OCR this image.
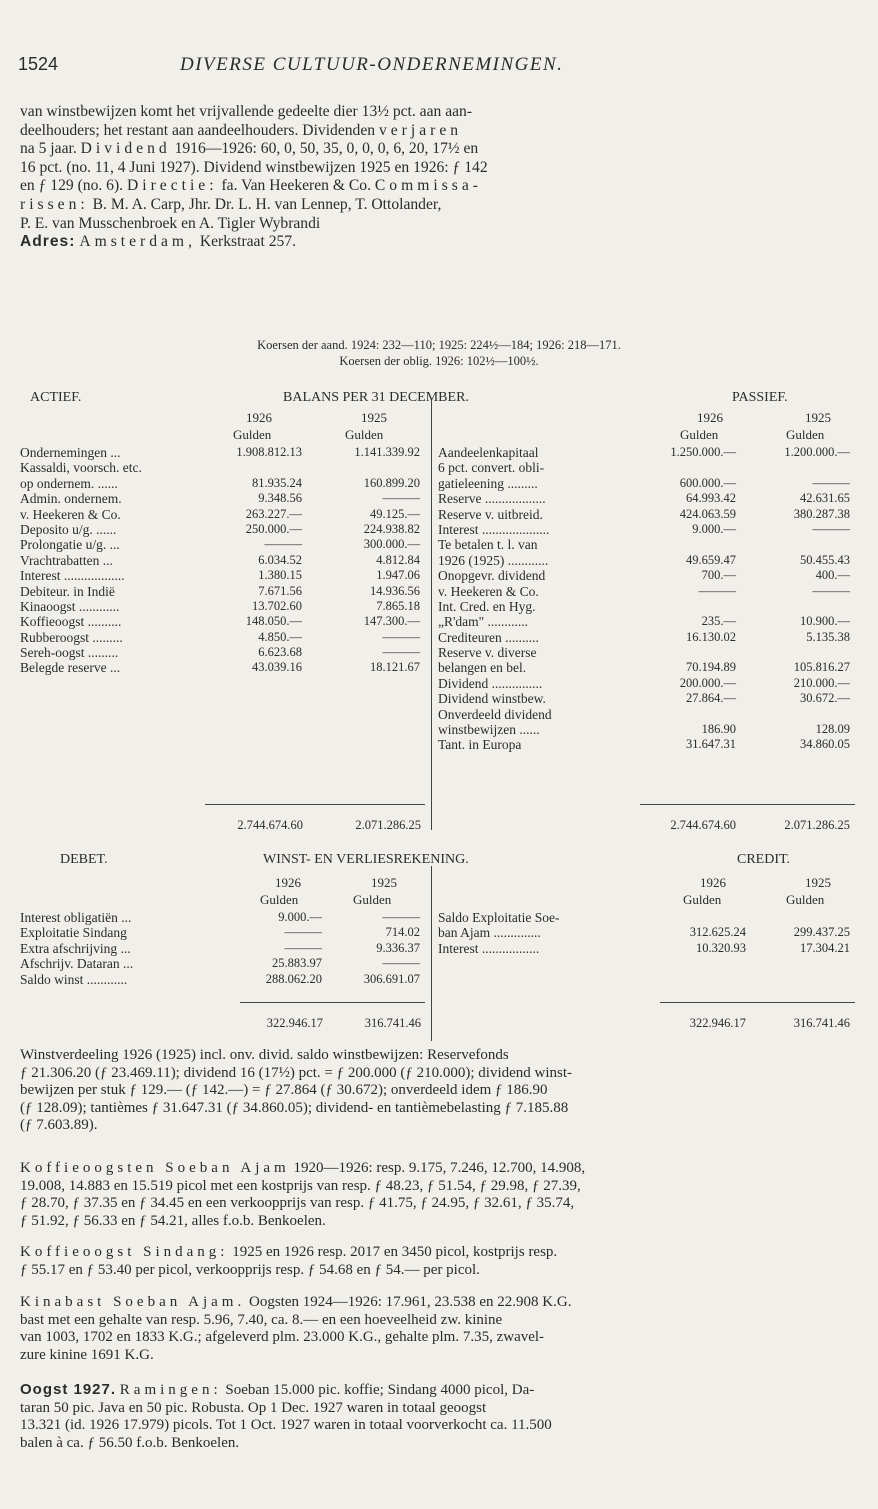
1524	DIVERSE CULTUUR-ONDERNEMINGEN.

van winstbewijzen komt het vrijvallende gedeelte dier 13½ pct. aan aan-

deelhouders; het restant aan aandeelhouders. Dividenden verjaren

na 5 jaar. Dividend 1916—1926: 60, 0, 50, 35, 0, 0, 0, 6, 20, 17½ en

16 pct. (no. 11, 4 Juni 1927). Dividend winstbewijzen 1925 en 1926: ƒ 142

en ƒ 129 (no. 6). Directie: fa. Van Heekeren & Co. Commissa-

rissen: B. M. A. Carp, Jhr. Dr. L. H. van Lennep, T. Ottolander,

P. E. van Musschenbroek en A. Tigler Wybrandi

Adres: Amsterdam, Kerkstraat 257.

Koersen der aand. 1924: 232—110; 1925: 224½—184; 1926: 218—171.
Koersen der oblig. 1926: 102½—100½.
ACTIEF.	BALANS PER 31 DECEMBER.	PASSIEF.
1926	1925
Gulden	Gulden
1926	1925
Gulden	Gulden
Ondernemingen ...	1.908.812.13	1.141.339.92
Kassaldi, voorsch. etc.
op ondernem. ......	81.935.24	160.899.20
Admin. ondernem.	9.348.56	———
v. Heekeren & Co.	263.227.—	49.125.—
Deposito u/g. ......	250.000.—	224.938.82
Prolongatie u/g. ...	———	300.000.—
Vrachtrabatten ...	6.034.52	4.812.84
Interest ..................	1.380.15	1.947.06
Debiteur. in Indië	7.671.56	14.936.56
Kinaoogst ............	13.702.60	7.865.18
Koffieoogst ..........	148.050.—	147.300.—
Rubberoogst .........	4.850.—	———
Sereh-oogst .........	6.623.68	———
Belegde reserve ...	43.039.16	18.121.67
Aandeelenkapitaal	1.250.000.—	1.200.000.—
6 pct. convert. obli-
gatieleening .........	600.000.—	———
Reserve ..................	64.993.42	42.631.65
Reserve v. uitbreid.	424.063.59	380.287.38
Interest ....................	9.000.—	———
Te betalen t. l. van
1926 (1925) ............	49.659.47	50.455.43
Onopgevr. dividend	700.—	400.—
v. Heekeren & Co.	———	———
Int. Cred. en Hyg.
„R'dam" ............	235.—	10.900.—
Crediteuren ..........	16.130.02	5.135.38
Reserve v. diverse
belangen en bel.	70.194.89	105.816.27
Dividend ...............	200.000.—	210.000.—
Dividend winstbew.	27.864.—	30.672.—
Onverdeeld dividend
winstbewijzen ......	186.90	128.09
Tant. in Europa	31.647.31	34.860.05
2.744.674.60	2.071.286.25	2.744.674.60	2.071.286.25
DEBET.	WINST- EN VERLIESREKENING.	CREDIT.
1926	1925
Gulden	Gulden
1926	1925
Gulden	Gulden
Interest obligatiën ...	9.000.—	———
Exploitatie Sindang	———	714.02
Extra afschrijving ...	———	9.336.37
Afschrijv. Dataran ...	25.883.97	———
Saldo winst ............	288.062.20	306.691.07
Saldo Exploitatie Soe-
ban Ajam ..............	312.625.24	299.437.25
Interest .................	10.320.93	17.304.21
322.946.17	316.741.46	322.946.17	316.741.46

Winstverdeeling 1926 (1925) incl. onv. divid. saldo winstbewijzen: Reservefonds

ƒ 21.306.20 (ƒ 23.469.11); dividend 16 (17½) pct. = ƒ 200.000 (ƒ 210.000); dividend winst-

bewijzen per stuk ƒ 129.— (ƒ 142.—) = ƒ 27.864 (ƒ 30.672); onverdeeld idem ƒ 186.90

(ƒ 128.09); tantièmes ƒ 31.647.31 (ƒ 34.860.05); dividend- en tantièmebelasting ƒ 7.185.88

(ƒ 7.603.89).

Koffieoogsten Soeban Ajam 1920—1926: resp. 9.175, 7.246, 12.700, 14.908,

19.008, 14.883 en 15.519 picol met een kostprijs van resp. ƒ 48.23, ƒ 51.54, ƒ 29.98, ƒ 27.39,

ƒ 28.70, ƒ 37.35 en ƒ 34.45 en een verkoopprijs van resp. ƒ 41.75, ƒ 24.95, ƒ 32.61, ƒ 35.74,

ƒ 51.92, ƒ 56.33 en ƒ 54.21, alles f.o.b. Benkoelen.

Koffieoogst Sindang: 1925 en 1926 resp. 2017 en 3450 picol, kostprijs resp.

ƒ 55.17 en ƒ 53.40 per picol, verkoopprijs resp. ƒ 54.68 en ƒ 54.— per picol.

Kinabast Soeban Ajam. Oogsten 1924—1926: 17.961, 23.538 en 22.908 K.G.

bast met een gehalte van resp. 5.96, 7.40, ca. 8.— en een hoeveelheid zw. kinine

van 1003, 1702 en 1833 K.G.; afgeleverd plm. 23.000 K.G., gehalte plm. 7.35, zwavel-

zure kinine 1691 K.G.

Oogst 1927. Ramingen: Soeban 15.000 pic. koffie; Sindang 4000 picol, Da-

taran 50 pic. Java en 50 pic. Robusta. Op 1 Dec. 1927 waren in totaal geoogst

13.321 (id. 1926 17.979) picols. Tot 1 Oct. 1927 waren in totaal voorverkocht ca. 11.500

balen à ca. ƒ 56.50 f.o.b. Benkoelen.
